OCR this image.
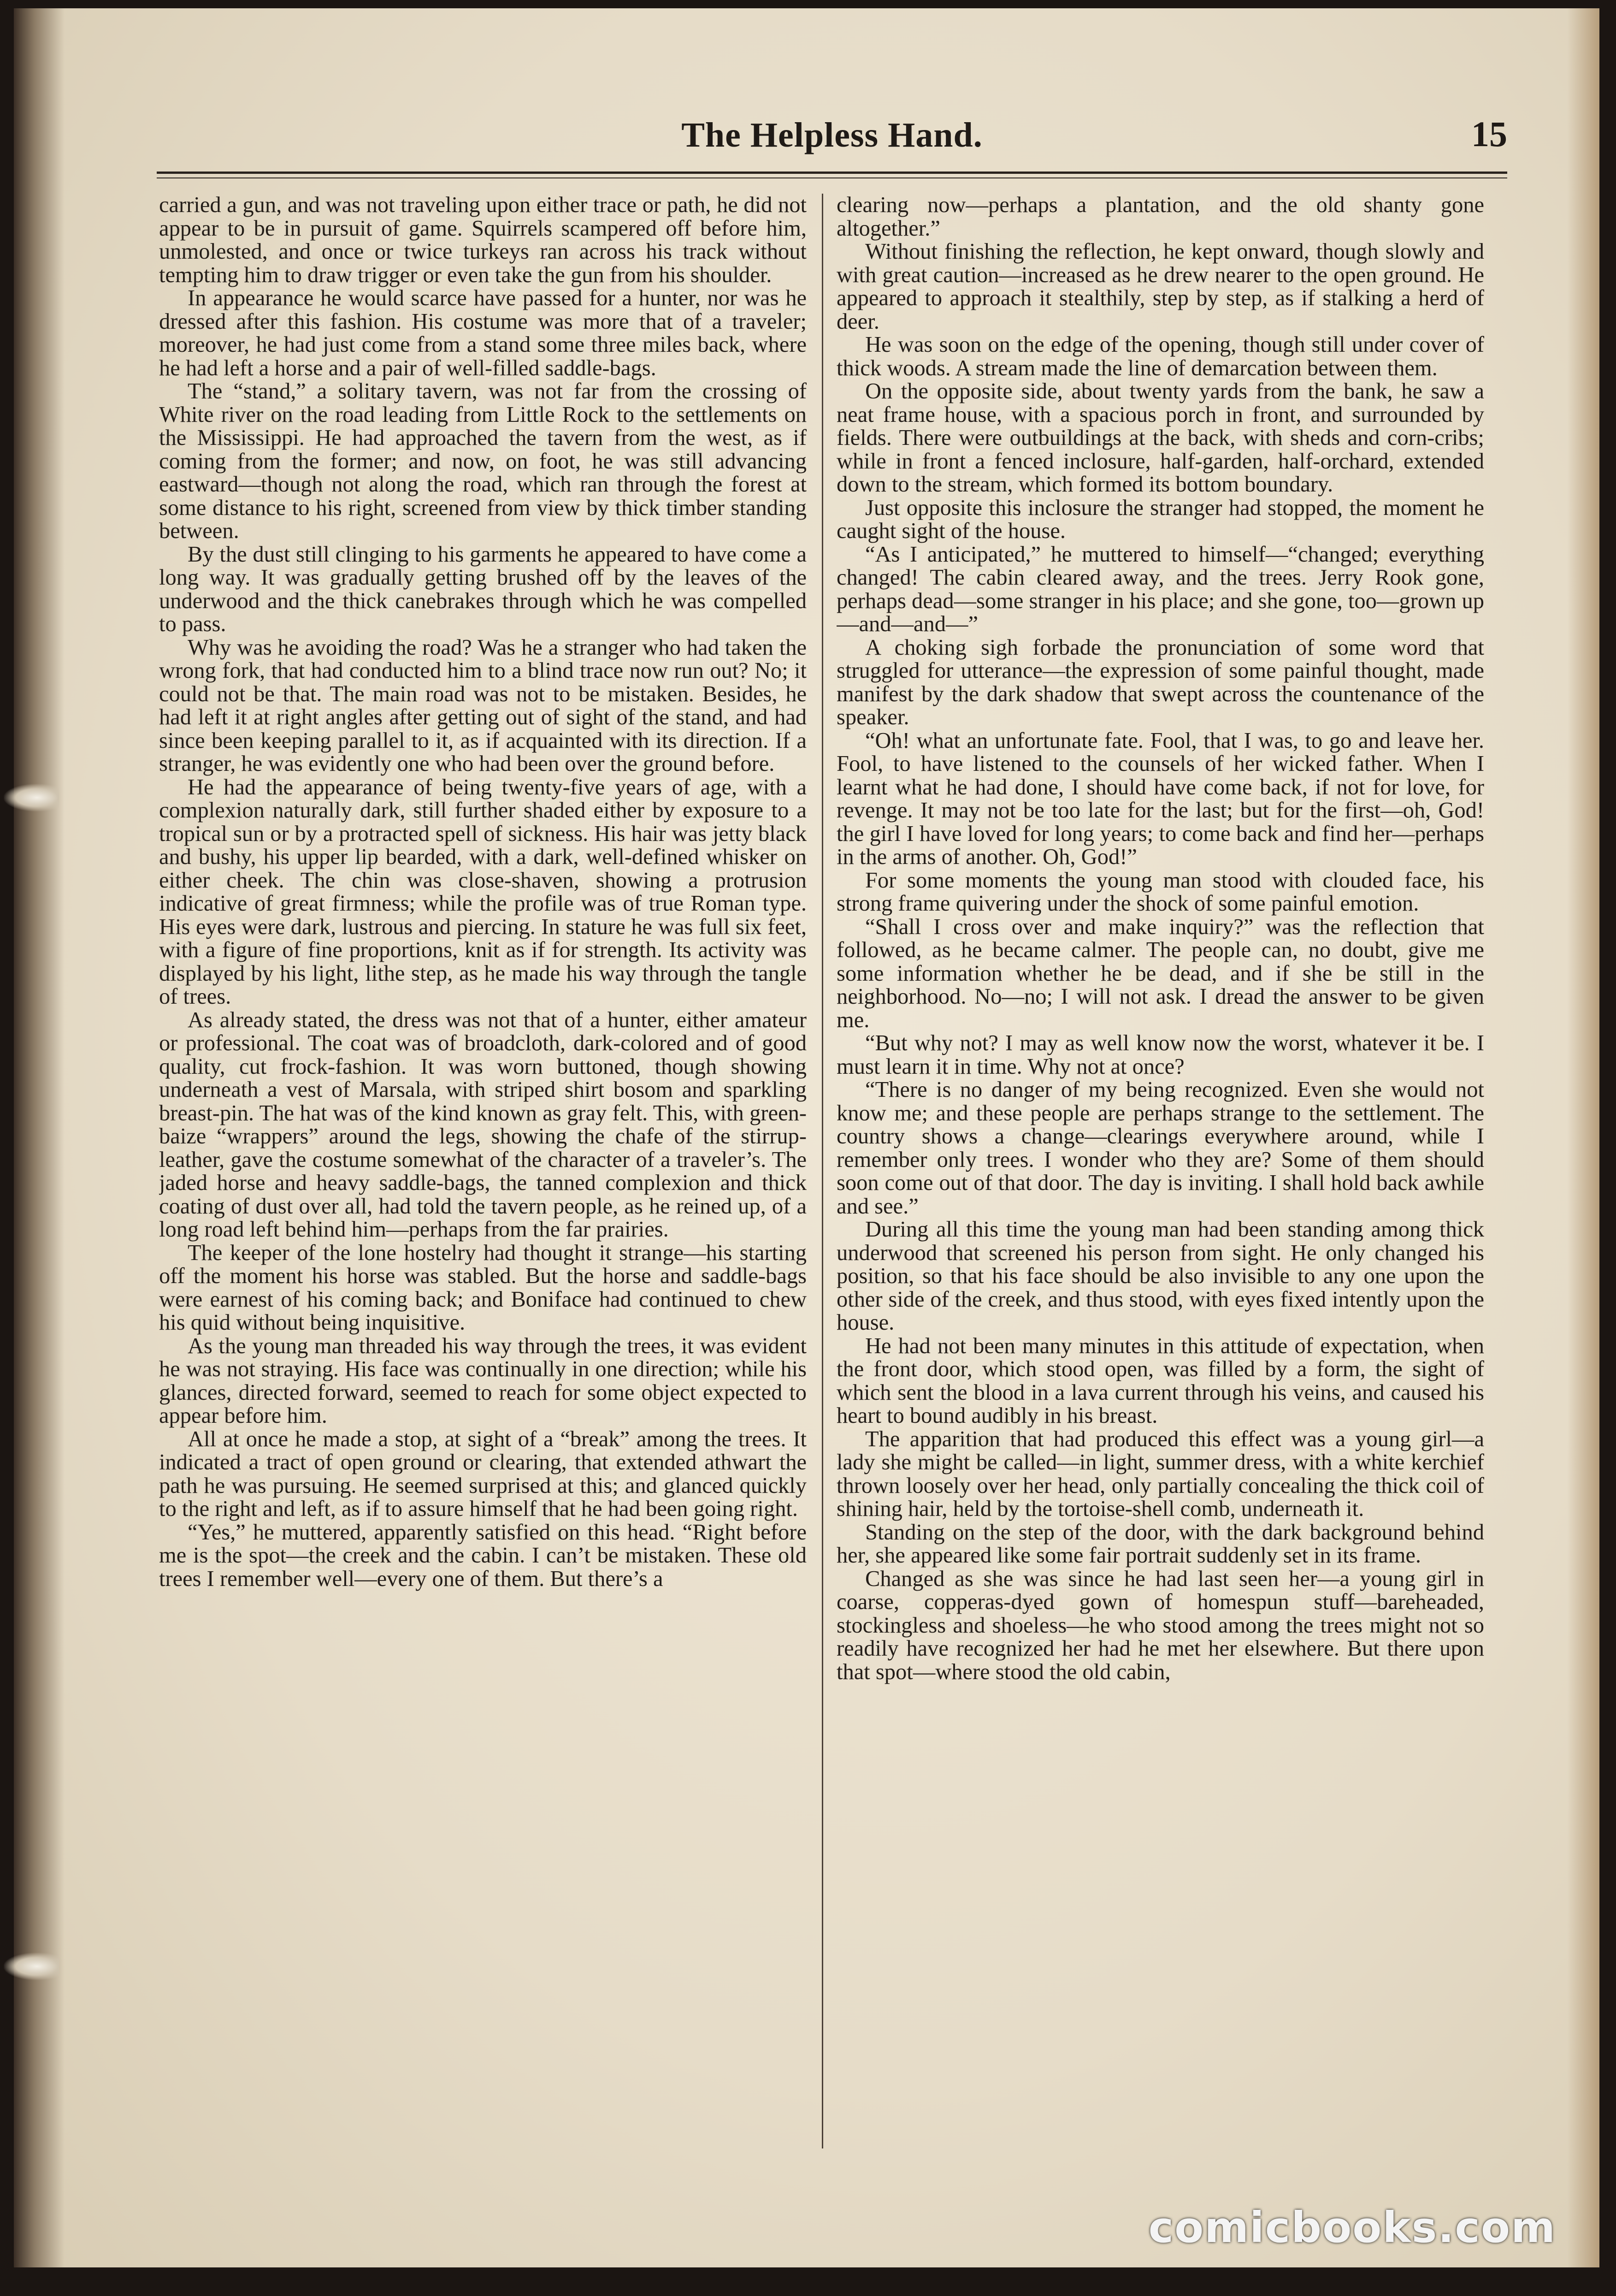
The Helpless Hand.	15

carried a gun, and was not traveling upon either trace or path, he did not appear to be in pursuit of game. Squirrels scampered off before him, unmolested, and once or twice turkeys ran across his track without tempting him to draw trigger or even take the gun from his shoulder.

In appearance he would scarce have passed for a hunter, nor was he dressed after this fashion. His costume was more that of a traveler; moreover, he had just come from a stand some three miles back, where he had left a horse and a pair of well-filled saddle-bags.

The “stand,” a solitary tavern, was not far from the crossing of White river on the road leading from Little Rock to the settlements on the Mississippi. He had approached the tavern from the west, as if coming from the former; and now, on foot, he was still advancing eastward—though not along the road, which ran through the forest at some distance to his right, screened from view by thick timber standing between.

By the dust still clinging to his garments he appeared to have come a long way. It was gradually getting brushed off by the leaves of the underwood and the thick canebrakes through which he was compelled to pass.

Why was he avoiding the road? Was he a stranger who had taken the wrong fork, that had conducted him to a blind trace now run out? No; it could not be that. The main road was not to be mistaken. Besides, he had left it at right angles after getting out of sight of the stand, and had since been keeping parallel to it, as if acquainted with its direction. If a stranger, he was evidently one who had been over the ground before.

He had the appearance of being twenty-five years of age, with a complexion naturally dark, still further shaded either by exposure to a tropical sun or by a protracted spell of sickness. His hair was jetty black and bushy, his upper lip bearded, with a dark, well-defined whisker on either cheek. The chin was close-shaven, showing a protrusion indicative of great firmness; while the profile was of true Roman type. His eyes were dark, lustrous and piercing. In stature he was full six feet, with a figure of fine proportions, knit as if for strength. Its activity was displayed by his light, lithe step, as he made his way through the tangle of trees.

As already stated, the dress was not that of a hunter, either amateur or professional. The coat was of broadcloth, dark-colored and of good quality, cut frock-fashion. It was worn buttoned, though showing underneath a vest of Marsala, with striped shirt bosom and sparkling breast-pin. The hat was of the kind known as gray felt. This, with green-baize “wrappers” around the legs, showing the chafe of the stirrup-leather, gave the costume somewhat of the character of a traveler’s. The jaded horse and heavy saddle-bags, the tanned complexion and thick coating of dust over all, had told the tavern people, as he reined up, of a long road left behind him—perhaps from the far prairies.

The keeper of the lone hostelry had thought it strange—his starting off the moment his horse was stabled. But the horse and saddle-bags were earnest of his coming back; and Boniface had continued to chew his quid without being inquisitive.

As the young man threaded his way through the trees, it was evident he was not straying. His face was continually in one direction; while his glances, directed forward, seemed to reach for some object expected to appear before him.

All at once he made a stop, at sight of a “break” among the trees. It indicated a tract of open ground or clearing, that extended athwart the path he was pursuing. He seemed surprised at this; and glanced quickly to the right and left, as if to assure himself that he had been going right.

“Yes,” he muttered, apparently satisfied on this head. “Right before me is the spot—the creek and the cabin. I can’t be mistaken. These old trees I remember well—every one of them. But there’s a

clearing now—perhaps a plantation, and the old shanty gone altogether.”

Without finishing the reflection, he kept onward, though slowly and with great caution—increased as he drew nearer to the open ground. He appeared to approach it stealthily, step by step, as if stalking a herd of deer.

He was soon on the edge of the opening, though still under cover of thick woods. A stream made the line of demarcation between them.

On the opposite side, about twenty yards from the bank, he saw a neat frame house, with a spacious porch in front, and surrounded by fields. There were outbuildings at the back, with sheds and corn-cribs; while in front a fenced inclosure, half-garden, half-orchard, extended down to the stream, which formed its bottom boundary.

Just opposite this inclosure the stranger had stopped, the moment he caught sight of the house.

“As I anticipated,” he muttered to himself—“changed; everything changed! The cabin cleared away, and the trees. Jerry Rook gone, perhaps dead—some stranger in his place; and she gone, too—grown up—and—and—”

A choking sigh forbade the pronunciation of some word that struggled for utterance—the expression of some painful thought, made manifest by the dark shadow that swept across the countenance of the speaker.

“Oh! what an unfortunate fate. Fool, that I was, to go and leave her. Fool, to have listened to the counsels of her wicked father. When I learnt what he had done, I should have come back, if not for love, for revenge. It may not be too late for the last; but for the first—oh, God! the girl I have loved for long years; to come back and find her—perhaps in the arms of another. Oh, God!”

For some moments the young man stood with clouded face, his strong frame quivering under the shock of some painful emotion.

“Shall I cross over and make inquiry?” was the reflection that followed, as he became calmer. The people can, no doubt, give me some information whether he be dead, and if she be still in the neighborhood. No—no; I will not ask. I dread the answer to be given me.

“But why not? I may as well know now the worst, whatever it be. I must learn it in time. Why not at once?

“There is no danger of my being recognized. Even she would not know me; and these people are perhaps strange to the settlement. The country shows a change—clearings everywhere around, while I remember only trees. I wonder who they are? Some of them should soon come out of that door. The day is inviting. I shall hold back awhile and see.”

During all this time the young man had been standing among thick underwood that screened his person from sight. He only changed his position, so that his face should be also invisible to any one upon the other side of the creek, and thus stood, with eyes fixed intently upon the house.

He had not been many minutes in this attitude of expectation, when the front door, which stood open, was filled by a form, the sight of which sent the blood in a lava current through his veins, and caused his heart to bound audibly in his breast.

The apparition that had produced this effect was a young girl—a lady she might be called—in light, summer dress, with a white kerchief thrown loosely over her head, only partially concealing the thick coil of shining hair, held by the tortoise-shell comb, underneath it.

Standing on the step of the door, with the dark background behind her, she appeared like some fair portrait suddenly set in its frame.

Changed as she was since he had last seen her—a young girl in coarse, copperas-dyed gown of homespun stuff—bareheaded, stockingless and shoeless—he who stood among the trees might not so readily have recognized her had he met her elsewhere. But there upon that spot—where stood the old cabin,

comicbooks.com
